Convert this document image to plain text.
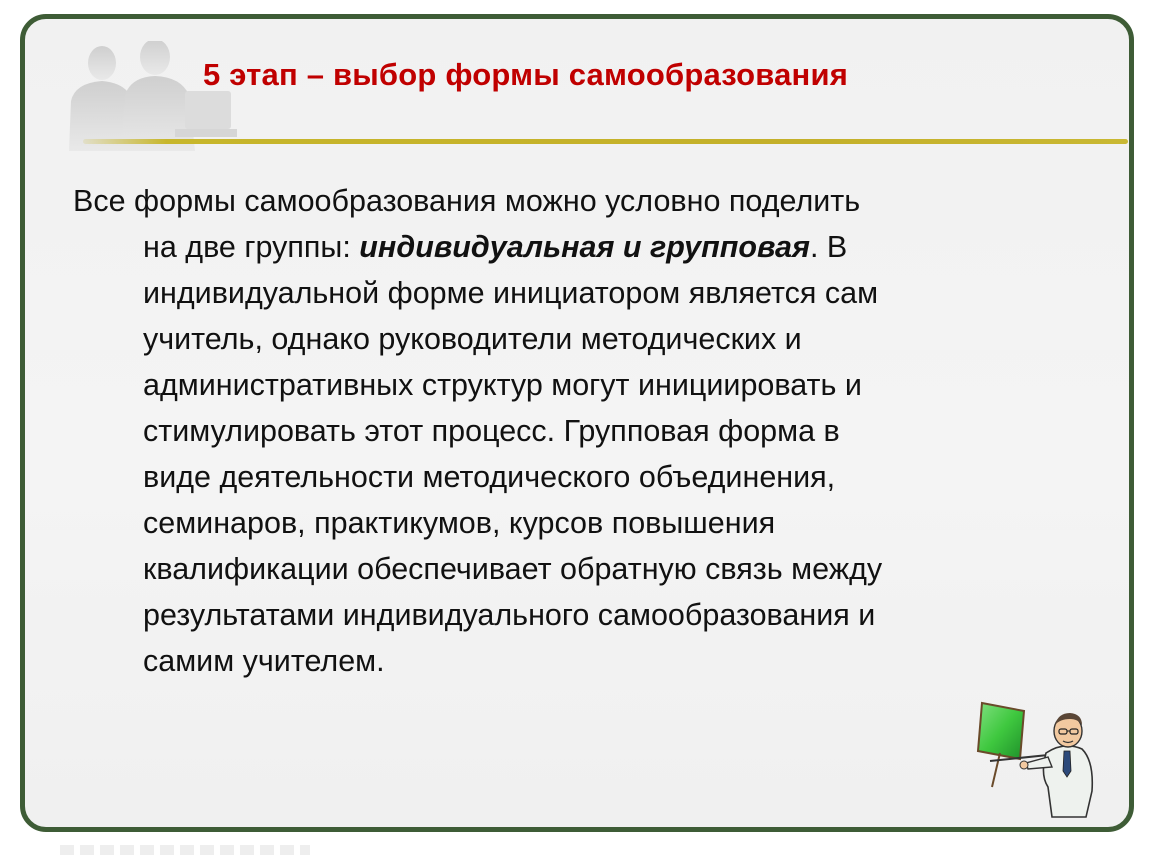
5 этап – выбор формы самообразования

Все формы самообразования можно условно поделить
на две группы: индивидуальная и групповая. В
индивидуальной форме инициатором является сам
учитель, однако руководители методических и
административных структур могут инициировать и
стимулировать этот процесс. Групповая форма в
виде деятельности методического объединения,
семинаров, практикумов, курсов повышения
квалификации обеспечивает обратную связь между
результатами индивидуального самообразования и
самим учителем.
